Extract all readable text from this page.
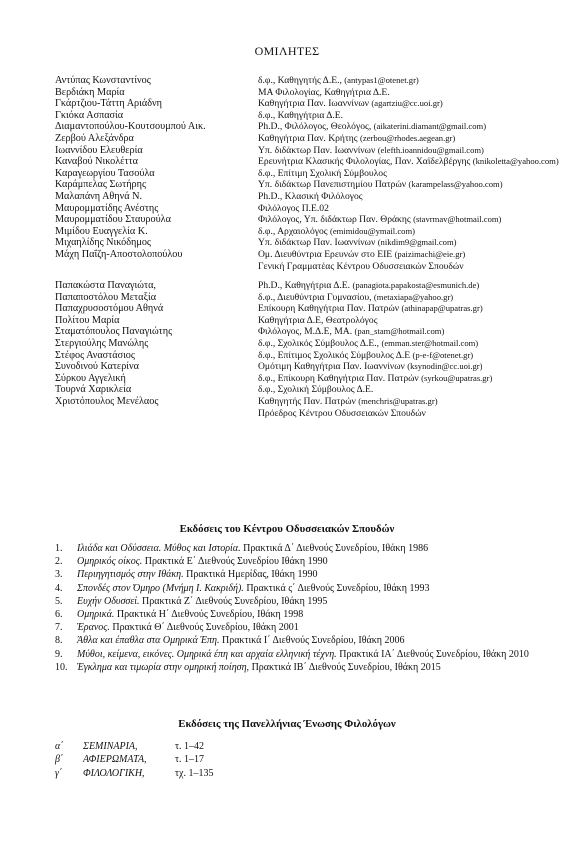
ΟΜΙΛΗΤΕΣ
Αντύπας Κωνσταντίνος	δ.φ., Καθηγητής Δ.Ε., (antypas1@otenet.gr)
Βερδιάκη Μαρία	ΜΑ Φιλολογίας, Καθηγήτρια Δ.Ε.
Γκάρτζιου-Τάττη Αριάδνη	Καθηγήτρια Παν. Ιωαννίνων (agartziu@cc.uoi.gr)
Γκιόκα Ασπασία	δ.φ., Καθηγήτρια Δ.Ε.
Διαμαντοπούλου-Κουτσουμπού Αικ.	Ph.D., Φιλόλογος, Θεολόγος, (aikaterini.diamant@gmail.com)
Ζερβού Αλεξάνδρα	Καθηγήτρια Παν. Κρήτης (zerbou@rhodes.aegean.gr)
Ιωαννίδου Ελευθερία	Υπ. διδάκτωρ Παν. Ιωαννίνων (elefth.ioannidou@gmail.com)
Καναβού Νικολέττα	Ερευνήτρια Κλασικής Φιλολογίας, Παν. Χαϊδελβέργης (knikoletta@yahoo.com)
Καραγεωργίου Τασούλα	δ.φ., Επίτιμη Σχολική Σύμβουλος
Καράμπελας Σωτήρης	Υπ. διδάκτωρ Πανεπιστημίου Πατρών (karampelass@yahoo.com)
Μαλαπάνη Αθηνά Ν.	Ph.D., Κλασική Φιλόλογος
Μαυρομματίδης Ανέστης	Φιλόλογος Π.Ε.02
Μαυρομματίδου Σταυρούλα	Φιλόλογος, Υπ. διδάκτωρ Παν. Θράκης (stavrmav@hotmail.com)
Μιμίδου Ευαγγελία Κ.	δ.φ., Αρχαιολόγος (emimidou@ymail.com)
Μιχαηλίδης Νικόδημος	Υπ. διδάκτωρ Παν. Ιωαννίνων (nikdim9@gmail.com)
Μάχη Παΐζη-Αποστολοπούλου	Ομ. Διευθύντρια Ερευνών στο ΕΙΕ (paizimachi@eie.gr)
Γενική Γραμματέας Κέντρου Οδυσσειακών Σπουδών
Παπακώστα Παναγιώτα,	Ph.D., Καθηγήτρια Δ.Ε. (panagiota.papakosta@esmunich.de)
Παπαποστόλου Μεταξία	δ.φ., Διευθύντρια Γυμνασίου, (metaxiapa@yahoo.gr)
Παπαχρυσοστόμου Αθηνά	Επίκουρη Καθηγήτρια Παν. Πατρών (athinapap@upatras.gr)
Πολίτου Μαρία	Καθηγήτρια Δ.Ε, Θεατρολόγος
Σταματόπουλος Παναγιώτης	Φιλόλογος, Μ.Δ.Ε, ΜΑ. (pan_stam@hotmail.com)
Στεργιούλης Μανώλης	δ.φ., Σχολικός Σύμβουλος Δ.Ε., (emman.ster@hotmail.com)
Στέφος Αναστάσιος	δ.φ., Επίτιμος Σχολικός Σύμβουλος Δ.Ε (p-e-f@otenet.gr)
Συνοδινού Κατερίνα	Ομότιμη Καθηγήτρια Παν. Ιωαννίνων (ksynodin@cc.uoi.gr)
Σύρκου Αγγελική	δ.φ., Επίκουρη Καθηγήτρια Παν. Πατρών (syrkou@upatras.gr)
Τουρνά Χαρικλεία	δ.φ., Σχολική Σύμβουλος Δ.Ε.
Χριστόπουλος Μενέλαος	Καθηγητής Παν. Πατρών (menchris@upatras.gr)
Πρόεδρος Κέντρου Οδυσσειακών Σπουδών
Εκδόσεις του Κέντρου Οδυσσειακών Σπουδών
1.	Ιλιάδα και Οδύσσεια. Μύθος και Ιστορία. Πρακτικά Δ΄ Διεθνούς Συνεδρίου, Ιθάκη 1986
2.	Ομηρικός οίκος. Πρακτικά Ε΄ Διεθνούς Συνεδρίου Ιθάκη 1990
3.	Περιηγητισμός στην Ιθάκη. Πρακτικά Ημερίδας, Ιθάκη 1990
4.	Σπονδές στον Όμηρο (Μνήμη Ι. Κακριδή). Πρακτικά ς΄ Διεθνούς Συνεδρίου, Ιθάκη 1993
5.	Ευχήν Οδυσσεί. Πρακτικά Ζ΄ Διεθνούς Συνεδρίου, Ιθάκη 1995
6.	Ομηρικά. Πρακτικά Η΄ Διεθνούς Συνεδρίου, Ιθάκη 1998
7.	Έρανος. Πρακτικά Θ΄ Διεθνούς Συνεδρίου, Ιθάκη 2001
8.	Άθλα και έπαθλα στα Ομηρικά Έπη. Πρακτικά Ι΄ Διεθνούς Συνεδρίου, Ιθάκη 2006
9.	Μύθοι, κείμενα, εικόνες. Ομηρικά έπη και αρχαία ελληνική τέχνη. Πρακτικά ΙΑ΄ Διεθνούς Συνεδρίου, Ιθάκη 2010
10. Έγκλημα και τιμωρία στην ομηρική ποίηση, Πρακτικά ΙΒ΄ Διεθνούς Συνεδρίου, Ιθάκη 2015
Εκδόσεις της Πανελλήνιας Ένωσης Φιλολόγων
α΄	ΣΕΜΙΝΑΡΙΑ,	τ. 1–42
β΄	ΑΦΙΕΡΩΜΑΤΑ,	τ. 1–17
γ΄	ΦΙΛΟΛΟΓΙΚΗ,	τχ. 1–135
